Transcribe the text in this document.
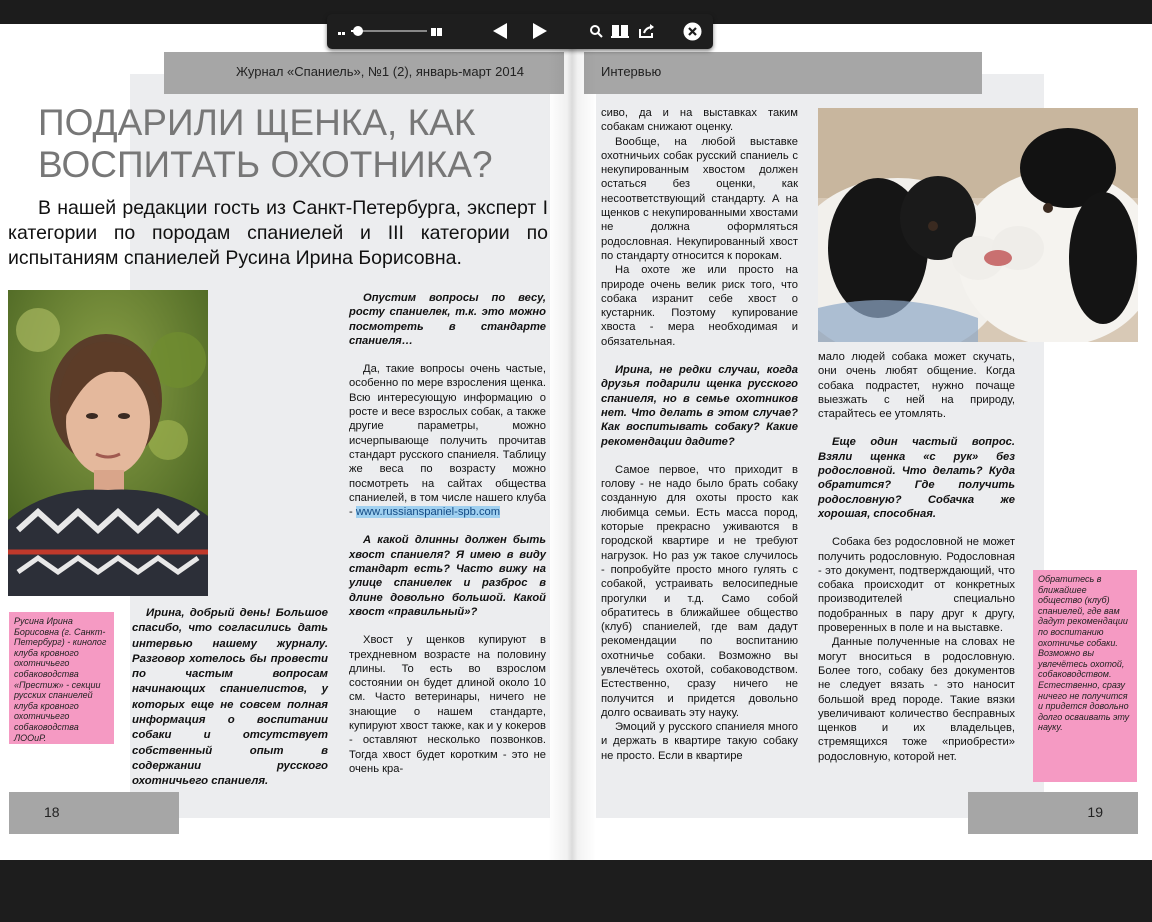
Журнал «Спаниель», №1 (2), январь-март 2014	Интервью
ПОДАРИЛИ ЩЕНКА, КАК
ВОСПИТАТЬ ОХОТНИКА?
В нашей редакции гость из Санкт-Петербурга, эксперт I категории по породам спаниелей и III категории по испытаниям спаниелей Русина Ирина Борисовна.
Русина Ирина Борисовна (г. Санкт-Петербург) - кинолог клуба кровного охотничьего собаководства «Престиж» - секции русских спаниелей клуба кровного охотничьего собаководства ЛООиР.

Ирина, добрый день! Большое спасибо, что согласились дать интервью нашему журналу. Разговор хотелось бы провести по частым вопросам начинающих спаниелистов, у которых еще не совсем полная информация о воспитании собаки и отсутствует собственный опыт в содержании русского охотничьего спаниеля.

Опустим вопросы по весу, росту спаниелек, т.к. это можно посмотреть в стандарте спаниеля…

Да, такие вопросы очень частые, особенно по мере взросления щенка. Всю интересующую информацию о росте и весе взрослых собак, а также другие параметры, можно исчерпывающе получить прочитав стандарт русского спаниеля. Таблицу же веса по возрасту можно посмотреть на сайтах общества спаниелей, в том числе нашего клуба - www.russianspaniel-spb.com

А какой длинны должен быть хвост спаниеля? Я имею в виду стандарт есть? Часто вижу на улице спаниелек и разброс в длине довольно большой. Какой хвост «правильный»?

Хвост у щенков купируют в трехдневном возрасте на половину длины. То есть во взрослом состоянии он будет длиной около 10 см. Часто ветеринары, ничего не знающие о нашем стандарте, купируют хвост также, как и у кокеров - оставляют несколько позвонков. Тогда хвост будет коротким - это не очень кра-

сиво, да и на выставках таким собакам снижают оценку.

Вообще, на любой выставке охотничьих собак русский спаниель с некупированным хвостом должен остаться без оценки, как несоответствующий стандарту. А на щенков с некупированными хвостами не должна оформляться родословная. Некупированный хвост по стандарту относится к порокам.

На охоте же или просто на природе очень велик риск того, что собака изранит себе хвост о кустарник. Поэтому купирование хвоста - мера необходимая и обязательная.

Ирина, не редки случаи, когда друзья подарили щенка русского спаниеля, но в семье охотников нет. Что делать в этом случае? Как воспитывать собаку? Какие рекомендации дадите?

Самое первое, что приходит в голову - не надо было брать собаку созданную для охоты просто как любимца семьи. Есть масса пород, которые прекрасно уживаются в городской квартире и не требуют нагрузок. Но раз уж такое случилось - попробуйте просто много гулять с собакой, устраивать велосипедные прогулки и т.д. Само собой обратитесь в ближайшее общество (клуб) спаниелей, где вам дадут рекомендации по воспитанию охотничье собаки. Возможно вы увлечётесь охотой, собаководством. Естественно, сразу ничего не получится и придется довольно долго осваивать эту науку.

Эмоций у русского спаниеля много и держать в квартире такую собаку не просто. Если в квартире

мало людей собака может скучать, они очень любят общение. Когда собака подрастет, нужно почаще выезжать с ней на природу, старайтесь ее утомлять.

Еще один частый вопрос. Взяли щенка «с рук» без родословной. Что делать? Куда обратится? Где получить родословную? Собачка же хорошая, способная.

Собака без родословной не может получить родословную. Родословная - это документ, подтверждающий, что собака происходит от конкретных производителей специально подобранных в пару друг к другу, проверенных в поле и на выставке.

Данные полученные на словах не могут вноситься в родословную. Более того, собаку без документов не следует вязать - это наносит большой вред породе. Такие вязки увеличивают количество бесправных щенков и их владельцев, стремящихся тоже «приобрести» родословную, которой нет.

Обратитесь в ближайшее общество (клуб) спаниелей, где вам дадут рекомендации по воспитанию охотничье собаки. Возможно вы увлечётесь охотой, собаководством. Естественно, сразу ничего не получится и придется довольно долго осваивать эту науку.
18	19
